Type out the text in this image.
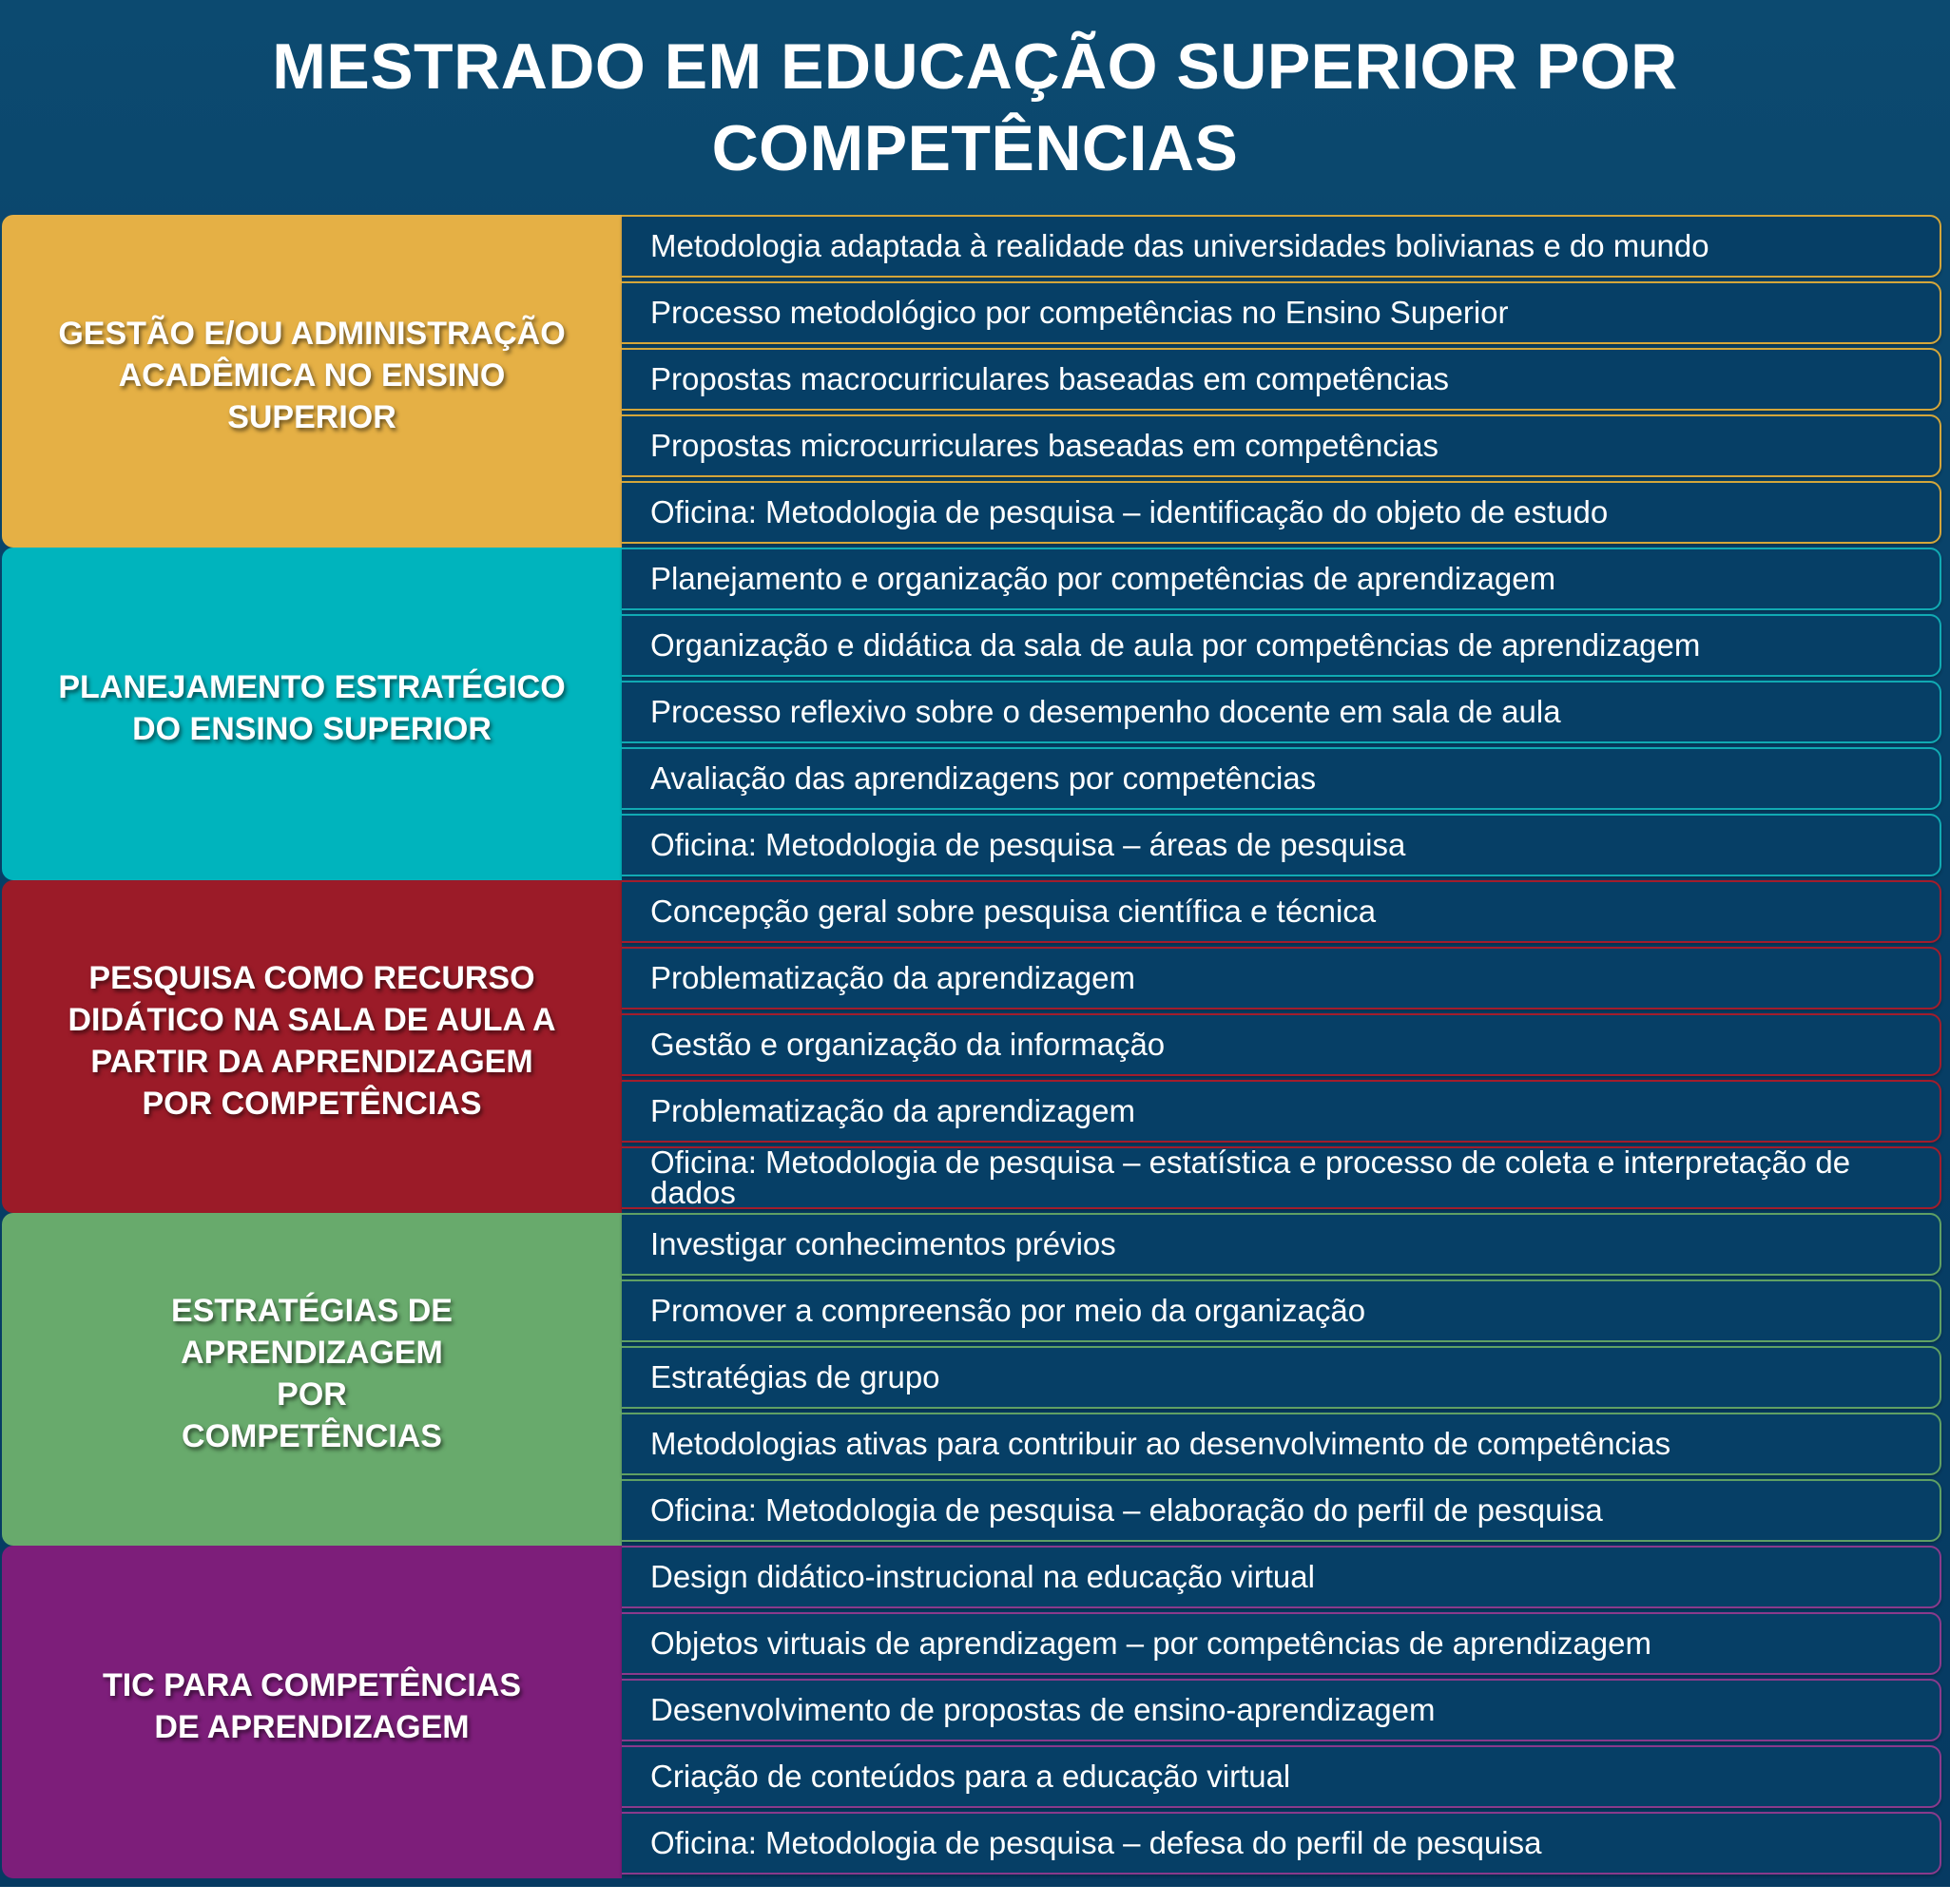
MESTRADO EM EDUCAÇÃO SUPERIOR POR
COMPETÊNCIAS
GESTÃO E/OU ADMINISTRAÇÃO
ACADÊMICA NO ENSINO
SUPERIOR
Metodologia adaptada à realidade das universidades bolivianas e do mundo
Processo metodológico por competências no Ensino Superior
Propostas macrocurriculares baseadas em competências
Propostas microcurriculares baseadas em competências
Oficina: Metodologia de pesquisa – identificação do objeto de estudo
PLANEJAMENTO ESTRATÉGICO
DO ENSINO SUPERIOR
Planejamento e organização por competências de aprendizagem
Organização e didática da sala de aula por competências de aprendizagem
Processo reflexivo sobre o desempenho docente em sala de aula
Avaliação das aprendizagens por competências
Oficina: Metodologia de pesquisa – áreas de pesquisa
PESQUISA COMO RECURSO
DIDÁTICO NA SALA DE AULA A
PARTIR DA APRENDIZAGEM
POR COMPETÊNCIAS
Concepção geral sobre pesquisa científica e técnica
Problematização da aprendizagem
Gestão e organização da informação
Problematização da aprendizagem
Oficina: Metodologia de pesquisa – estatística e processo de coleta e interpretação de dados
ESTRATÉGIAS DE
APRENDIZAGEM
POR
COMPETÊNCIAS
Investigar conhecimentos prévios
Promover a compreensão por meio da organização
Estratégias de grupo
Metodologias ativas para contribuir ao desenvolvimento de competências
Oficina: Metodologia de pesquisa – elaboração do perfil de pesquisa
TIC PARA COMPETÊNCIAS
DE APRENDIZAGEM
Design didático-instrucional na educação virtual
Objetos virtuais de aprendizagem – por competências de aprendizagem
Desenvolvimento de propostas de ensino-aprendizagem
Criação de conteúdos para a educação virtual
Oficina: Metodologia de pesquisa – defesa do perfil de pesquisa
